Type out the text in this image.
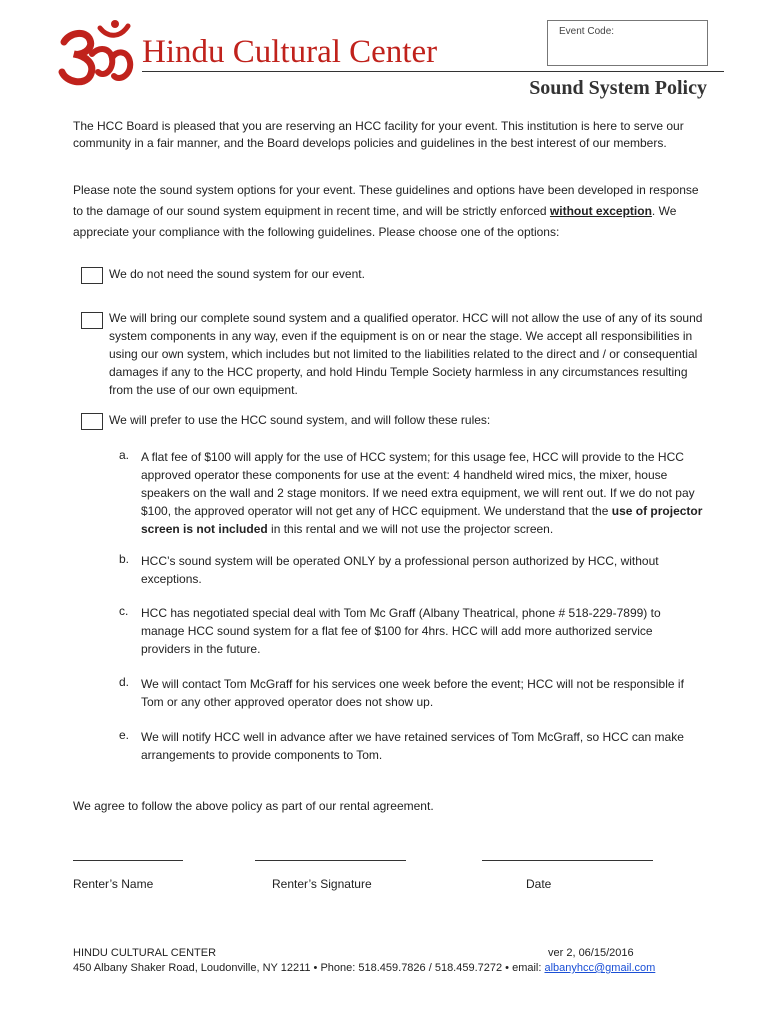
Hindu Cultural Center
Event Code:
Sound System Policy

The HCC Board is pleased that you are reserving an HCC facility for your event. This institution is here to serve our community in a fair manner, and the Board develops policies and guidelines in the best interest of our members.

Please note the sound system options for your event. These guidelines and options have been developed in response to the damage of our sound system equipment in recent time, and will be strictly enforced without exception. We appreciate your compliance with the following guidelines. Please choose one of the options:

We do not need the sound system for our event.

We will bring our complete sound system and a qualified operator. HCC will not allow the use of any of its sound system components in any way, even if the equipment is on or near the stage. We accept all responsibilities in using our own system, which includes but not limited to the liabilities related to the direct and / or consequential damages if any to the HCC property, and hold Hindu Temple Society harmless in any circumstances resulting from the use of our own equipment.

We will prefer to use the HCC sound system, and will follow these rules:

a. A flat fee of $100 will apply for the use of HCC system; for this usage fee, HCC will provide to the HCC approved operator these components for use at the event: 4 handheld wired mics, the mixer, house speakers on the wall and 2 stage monitors. If we need extra equipment, we will rent out. If we do not pay $100, the approved operator will not get any of HCC equipment. We understand that the use of projector screen is not included in this rental and we will not use the projector screen.

b. HCC’s sound system will be operated ONLY by a professional person authorized by HCC, without exceptions.

c.	HCC has negotiated special deal with Tom Mc Graff (Albany Theatrical, phone # 518-229-7899) to manage HCC sound system for a flat fee of $100 for 4hrs. HCC will add more authorized service providers in the future.

d. We will contact Tom McGraff for his services one week before the event; HCC will not be responsible if Tom or any other approved operator does not show up.

e. We will notify HCC well in advance after we have retained services of Tom McGraff, so HCC can make arrangements to provide components to Tom.

We agree to follow the above policy as part of our rental agreement.

Renter’s Name	Renter’s Signature	Date
HINDU CULTURAL CENTER	ver 2, 06/15/2016
450 Albany Shaker Road, Loudonville, NY 12211 • Phone: 518.459.7826 / 518.459.7272 • email: albanyhcc@gmail.com
